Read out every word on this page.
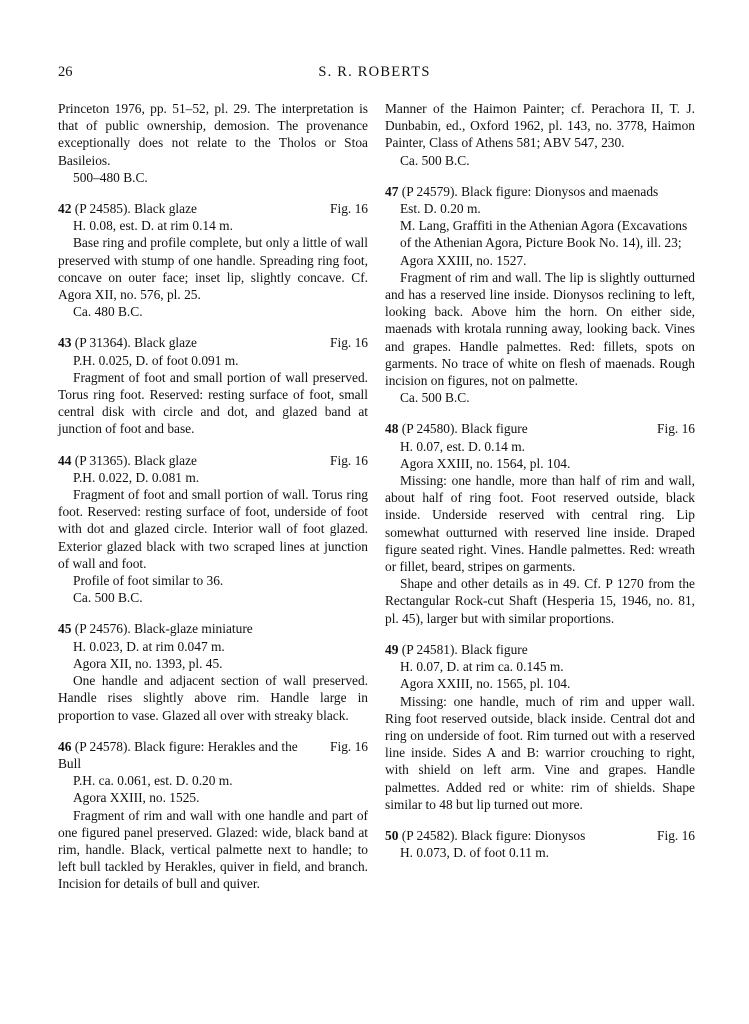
26	S. R. ROBERTS

Princeton 1976, pp. 51–52, pl. 29. The interpretation is that of public ownership, demosion. The provenance exceptionally does not relate to the Tholos or Stoa Basileios.

500–480 B.C.

42 (P 24585). Black glaze	Fig. 16

H. 0.08, est. D. at rim 0.14 m.

Base ring and profile complete, but only a little of wall preserved with stump of one handle. Spreading ring foot, concave on outer face; inset lip, slightly concave. Cf. Agora XII, no. 576, pl. 25.

Ca. 480 B.C.

43 (P 31364). Black glaze	Fig. 16

P.H. 0.025, D. of foot 0.091 m.

Fragment of foot and small portion of wall preserved. Torus ring foot. Reserved: resting surface of foot, small central disk with circle and dot, and glazed band at junction of foot and base.

44 (P 31365). Black glaze	Fig. 16

P.H. 0.022, D. 0.081 m.

Fragment of foot and small portion of wall. Torus ring foot. Reserved: resting surface of foot, underside of foot with dot and glazed circle. Interior wall of foot glazed. Exterior glazed black with two scraped lines at junction of wall and foot.

Profile of foot similar to 36.

Ca. 500 B.C.

45 (P 24576). Black-glaze miniature

H. 0.023, D. at rim 0.047 m.

Agora XII, no. 1393, pl. 45.

One handle and adjacent section of wall preserved. Handle rises slightly above rim. Handle large in proportion to vase. Glazed all over with streaky black.

46 (P 24578). Black figure: Herakles and the Bull
Fig. 16

P.H. ca. 0.061, est. D. 0.20 m.

Agora XXIII, no. 1525.

Fragment of rim and wall with one handle and part of one figured panel preserved. Glazed: wide, black band at rim, handle. Black, vertical palmette next to handle; to left bull tackled by Herakles, quiver in field, and branch. Incision for details of bull and quiver.

Manner of the Haimon Painter; cf. Perachora II, T. J. Dunbabin, ed., Oxford 1962, pl. 143, no. 3778, Haimon Painter, Class of Athens 581; ABV 547, 230.

Ca. 500 B.C.

47 (P 24579). Black figure: Dionysos and maenads

Est. D. 0.20 m.

M. Lang, Graffiti in the Athenian Agora (Excavations of the Athenian Agora, Picture Book No. 14), ill. 23; Agora XXIII, no. 1527.

Fragment of rim and wall. The lip is slightly outturned and has a reserved line inside. Dionysos reclining to left, looking back. Above him the horn. On either side, maenads with krotala running away, looking back. Vines and grapes. Handle palmettes. Red: fillets, spots on garments. No trace of white on flesh of maenads. Rough incision on figures, not on palmette.

Ca. 500 B.C.

48 (P 24580). Black figure	Fig. 16

H. 0.07, est. D. 0.14 m.

Agora XXIII, no. 1564, pl. 104.

Missing: one handle, more than half of rim and wall, about half of ring foot. Foot reserved outside, black inside. Underside reserved with central ring. Lip somewhat outturned with reserved line inside. Draped figure seated right. Vines. Handle palmettes. Red: wreath or fillet, beard, stripes on garments.

Shape and other details as in 49. Cf. P 1270 from the Rectangular Rock-cut Shaft (Hesperia 15, 1946, no. 81, pl. 45), larger but with similar proportions.

49 (P 24581). Black figure

H. 0.07, D. at rim ca. 0.145 m.

Agora XXIII, no. 1565, pl. 104.

Missing: one handle, much of rim and upper wall. Ring foot reserved outside, black inside. Central dot and ring on underside of foot. Rim turned out with a reserved line inside. Sides A and B: warrior crouching to right, with shield on left arm. Vine and grapes. Handle palmettes. Added red or white: rim of shields. Shape similar to 48 but lip turned out more.

50 (P 24582). Black figure: Dionysos	Fig. 16

H. 0.073, D. of foot 0.11 m.
